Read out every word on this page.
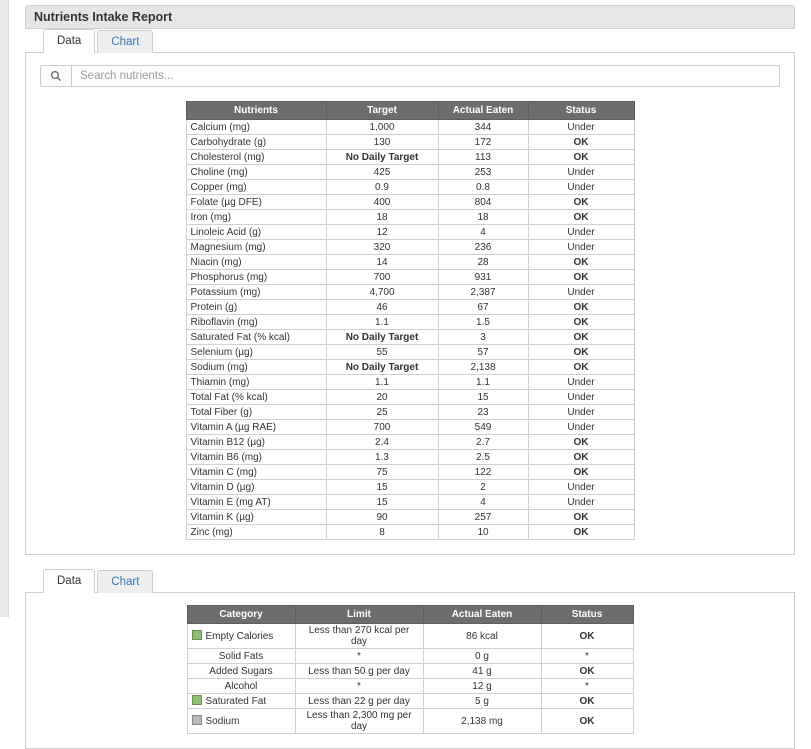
Nutrients Intake Report
Data	Chart
Search nutrients...
Nutrients	Target	Actual Eaten	Status
Calcium (mg)	1,000	344	Under
Carbohydrate (g)	130	172	OK
Cholesterol (mg)	No Daily Target	113	OK
Choline (mg)	425	253	Under
Copper (mg)	0.9	0.8	Under
Folate (µg DFE)	400	804	OK
Iron (mg)	18	18	OK
Linoleic Acid (g)	12	4	Under
Magnesium (mg)	320	236	Under
Niacin (mg)	14	28	OK
Phosphorus (mg)	700	931	OK
Potassium (mg)	4,700	2,387	Under
Protein (g)	46	67	OK
Riboflavin (mg)	1.1	1.5	OK
Saturated Fat (% kcal)	No Daily Target	3	OK
Selenium (µg)	55	57	OK
Sodium (mg)	No Daily Target	2,138	OK
Thiamin (mg)	1.1	1.1	Under
Total Fat (% kcal)	20	15	Under
Total Fiber (g)	25	23	Under
Vitamin A (µg RAE)	700	549	Under
Vitamin B12 (µg)	2.4	2.7	OK
Vitamin B6 (mg)	1.3	2.5	OK
Vitamin C (mg)	75	122	OK
Vitamin D (µg)	15	2	Under
Vitamin E (mg AT)	15	4	Under
Vitamin K (µg)	90	257	OK
Zinc (mg)	8	10	OK
Data	Chart
Category	Limit	Actual Eaten	Status
Empty Calories	Less than 270 kcal per day	86 kcal	OK
Solid Fats	*	0 g	*
Added Sugars	Less than 50 g per day	41 g	OK
Alcohol	*	12 g	*
Saturated Fat	Less than 22 g per day	5 g	OK
Sodium	Less than 2,300 mg per day	2,138 mg	OK
